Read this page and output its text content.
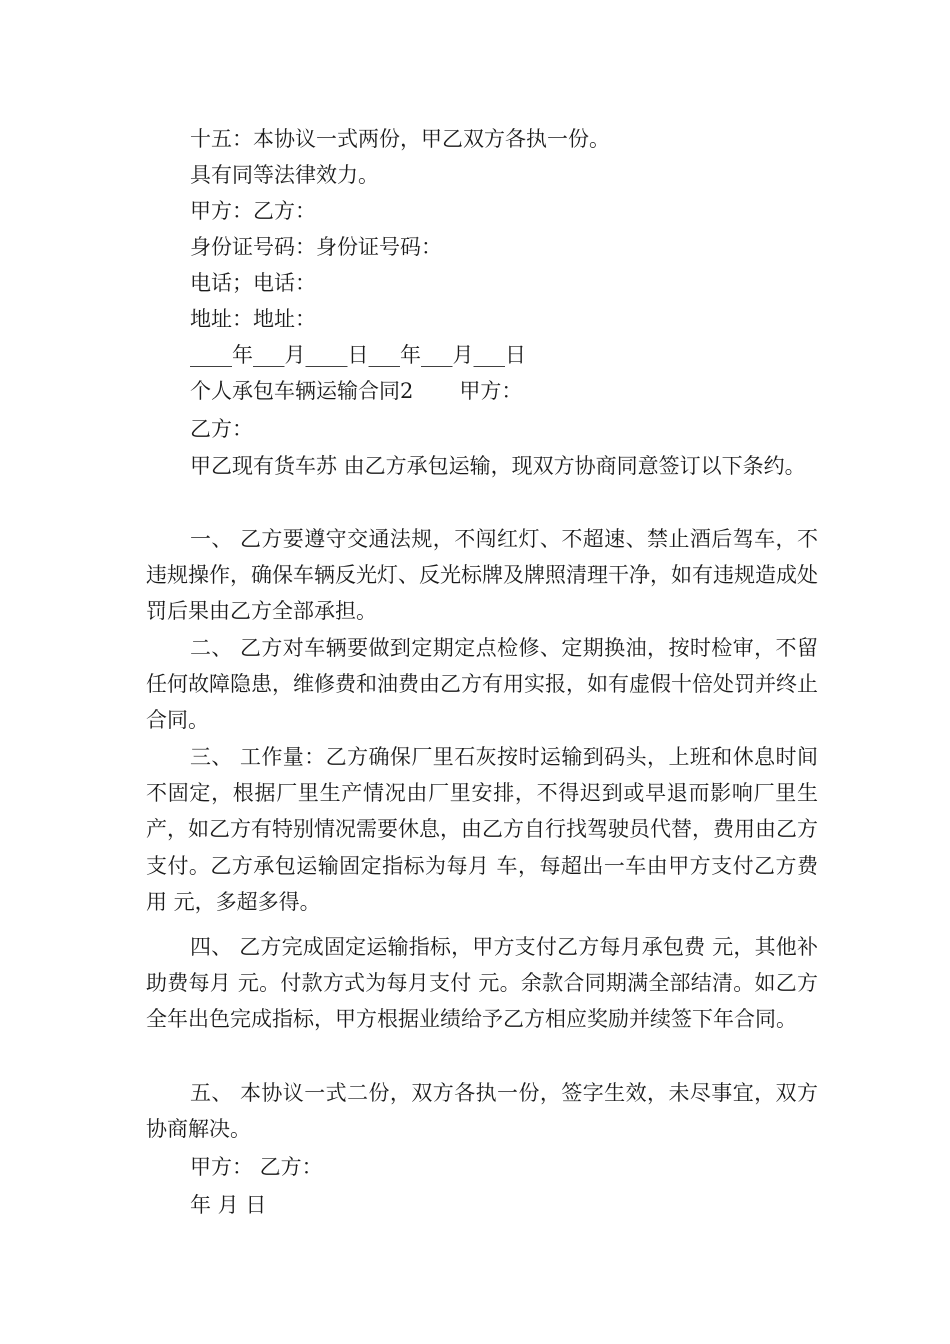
十五：本协议一式两份，甲乙双方各执一份。
具有同等法律效力。
甲方：乙方：
身份证号码：身份证号码：
电话；电话：
地址：地址：
____年___月____日___年___月___日
个人承包车辆运输合同2 甲方：
乙方：
甲乙现有货车苏 由乙方承包运输，现双方协商同意签订以下条约。
一、 乙方要遵守交通法规，不闯红灯、不超速、禁止酒后驾车，不违规操作，确保车辆反光灯、反光标牌及牌照清理干净，如有违规造成处罚后果由乙方全部承担。
二、 乙方对车辆要做到定期定点检修、定期换油，按时检审，不留任何故障隐患，维修费和油费由乙方有用实报，如有虚假十倍处罚并终止合同。
三、 工作量：乙方确保厂里石灰按时运输到码头，上班和休息时间不固定，根据厂里生产情况由厂里安排，不得迟到或早退而影响厂里生产，如乙方有特别情况需要休息，由乙方自行找驾驶员代替，费用由乙方支付。乙方承包运输固定指标为每月 车，每超出一车由甲方支付乙方费用 元，多超多得。
四、 乙方完成固定运输指标，甲方支付乙方每月承包费 元，其他补助费每月 元。付款方式为每月支付 元。余款合同期满全部结清。如乙方全年出色完成指标，甲方根据业绩给予乙方相应奖励并续签下年合同。
五、 本协议一式二份，双方各执一份，签字生效，未尽事宜，双方协商解决。
甲方： 乙方：
年 月 日
